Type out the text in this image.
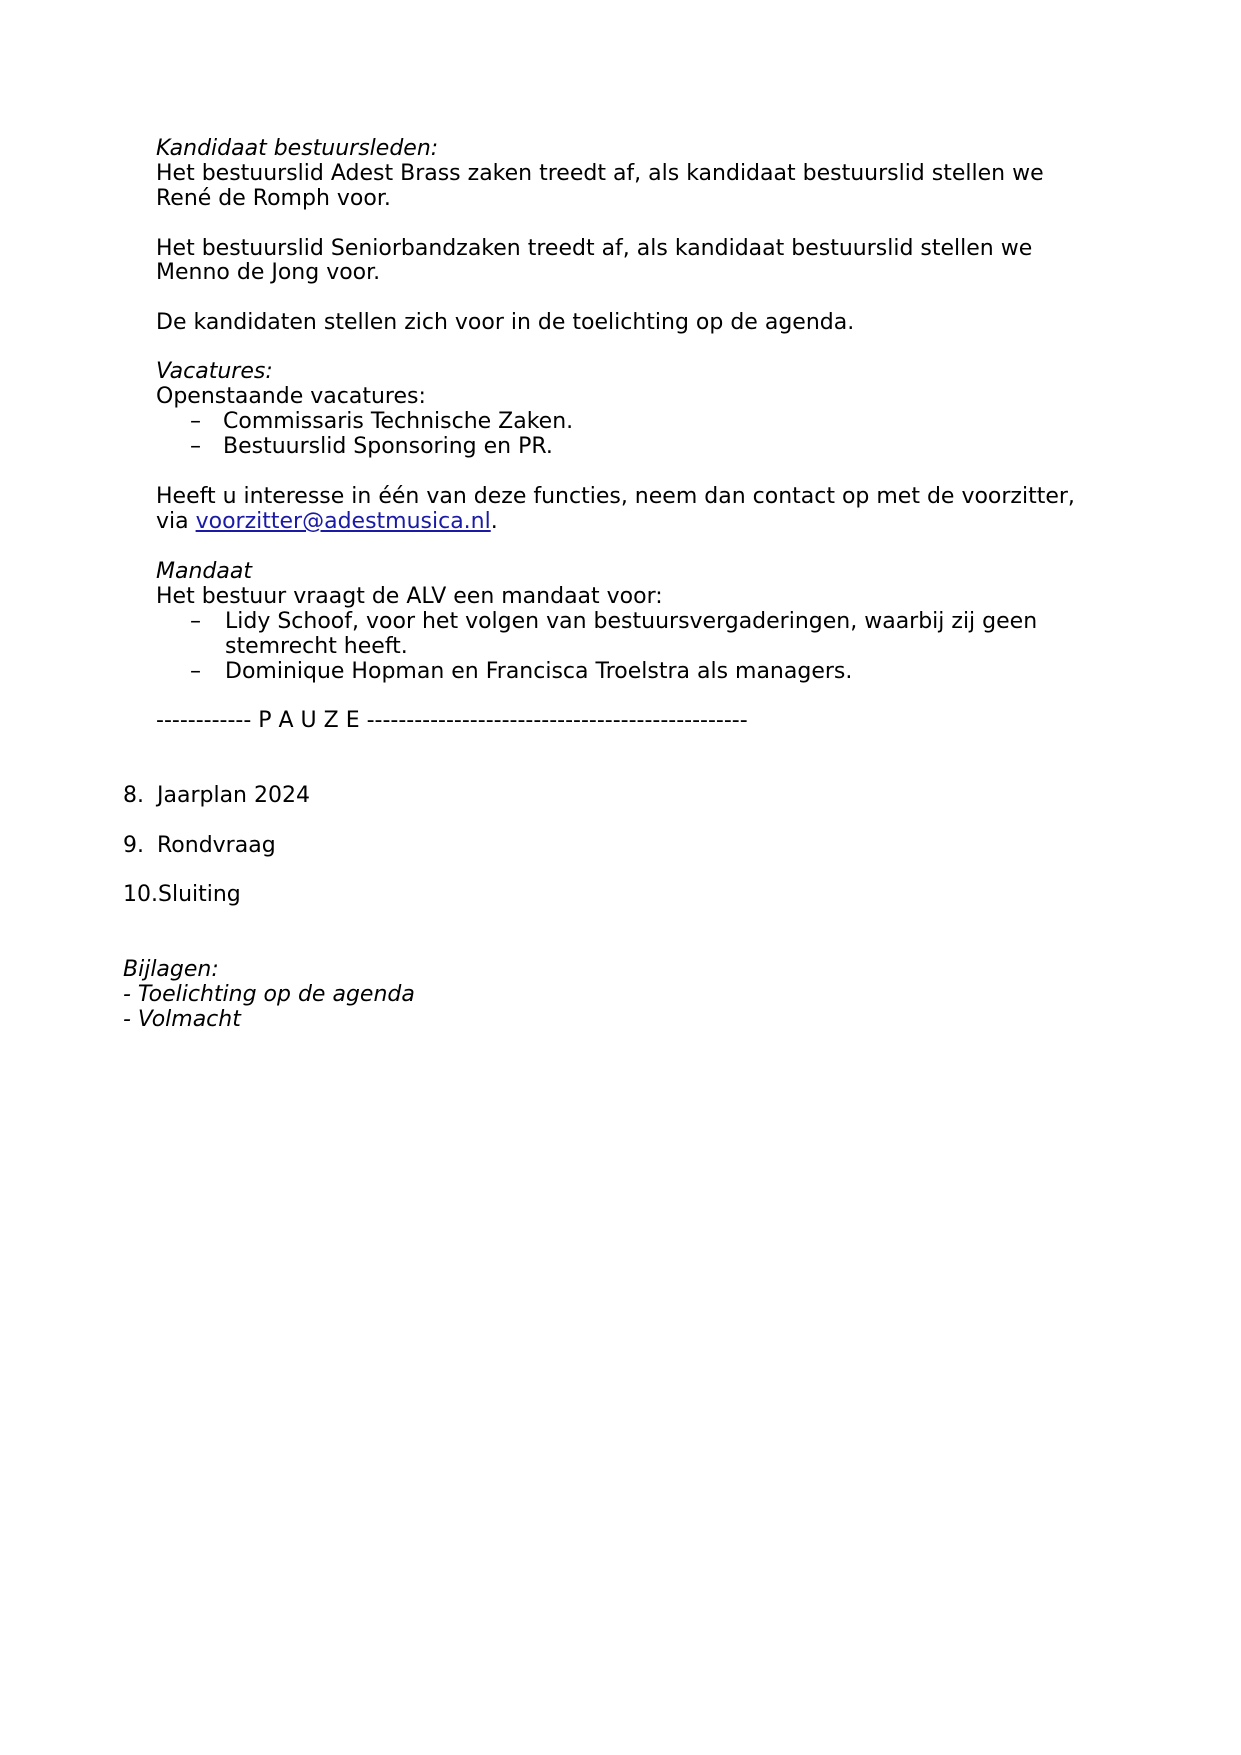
Kandidaat bestuursleden:
Het bestuurslid Adest Brass zaken treedt af, als kandidaat bestuurslid stellen we
René de Romph voor.
Het bestuurslid Seniorbandzaken treedt af, als kandidaat bestuurslid stellen we
Menno de Jong voor.
De kandidaten stellen zich voor in de toelichting op de agenda.
Vacatures:
Openstaande vacatures:
– Commissaris Technische Zaken.
– Bestuurslid Sponsoring en PR.
Heeft u interesse in één van deze functies, neem dan contact op met de voorzitter,
via voorzitter@adestmusica.nl.
Mandaat
Het bestuur vraagt de ALV een mandaat voor:
– Lidy Schoof, voor het volgen van bestuursvergaderingen, waarbij zij geen
stemrecht heeft.
– Dominique Hopman en Francisca Troelstra als managers.
------------ P A U Z E ------------------------------------------------
8. Jaarplan 2024
9. Rondvraag
10.Sluiting
Bijlagen:
- Toelichting op de agenda
- Volmacht
